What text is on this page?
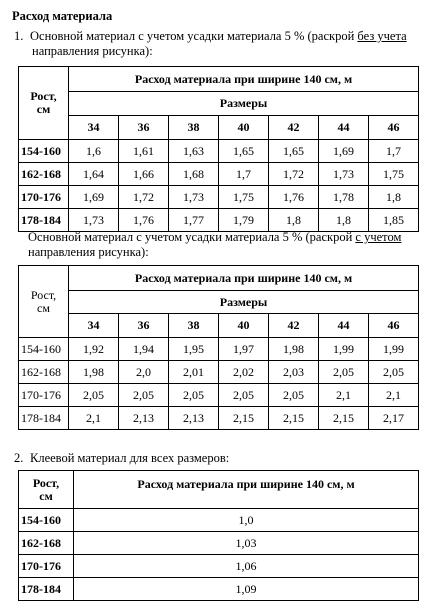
Расход материала
1. Основной материал с учетом усадки материала 5 % (раскрой без учета
направления рисунка):
Рост,
см	Расход материала при ширине 140 см, м						
	Размеры						
	34	36	38	40	42	44	46
154-160	1,6	1,61	1,63	1,65	1,65	1,69	1,7
162-168	1,64	1,66	1,68	1,7	1,72	1,73	1,75
170-176	1,69	1,72	1,73	1,75	1,76	1,78	1,8
178-184	1,73	1,76	1,77	1,79	1,8	1,8	1,85
Основной материал с учетом усадки материала 5 % (раскрой с учетом
направления рисунка):
Рост,
см	Расход материала при ширине 140 см, м						
	Размеры						
	34	36	38	40	42	44	46
154-160	1,92	1,94	1,95	1,97	1,98	1,99	1,99
162-168	1,98	2,0	2,01	2,02	2,03	2,05	2,05
170-176	2,05	2,05	2,05	2,05	2,05	2,1	2,1
178-184	2,1	2,13	2,13	2,15	2,15	2,15	2,17
2. Клеевой материал для всех размеров:
Рост,
см	Расход материала при ширине 140 см, м
154-160	1,0
162-168	1,03
170-176	1,06
178-184	1,09
